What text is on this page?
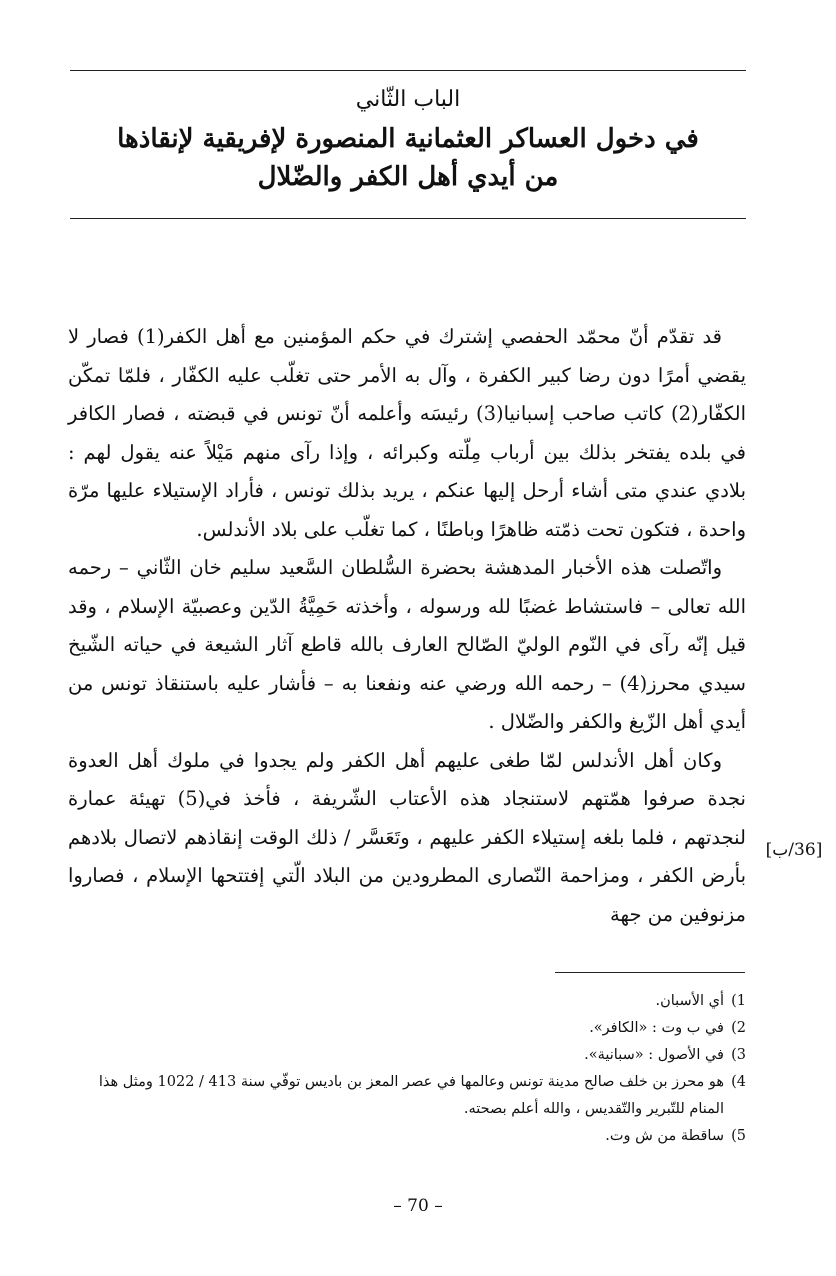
الباب الثّاني
في دخول العساكر العثمانية المنصورة لإفريقية لإنقاذها
من أيدي أهل الكفر والضّلال

قد تقدّم أنّ محمّد الحفصي إشترك في حكم المؤمنين مع أهل الكفر(1) فصار لا يقضي أمرًا دون رضا كبير الكفرة ، وآل به الأمر حتى تغلّب عليه الكفّار ، فلمّا تمكّن الكفّار(2) كاتب صاحب إسبانيا(3) رئيسَه وأعلمه أنّ تونس في قبضته ، فصار الكافر في بلده يفتخر بذلك بين أرباب مِلّته وكبرائه ، وإذا رآى منهم مَيْلاً عنه يقول لهم : بلادي عندي متى أشاء أرحل إليها عنكم ، يريد بذلك تونس ، فأراد الإستيلاء عليها مرّة واحدة ، فتكون تحت ذمّته ظاهرًا وباطنًا ، كما تغلّب على بلاد الأندلس.

واتّصلت هذه الأخبار المدهشة بحضرة السُّلطان السَّعيد سليم خان الثّاني – رحمه الله تعالى – فاستشاط غضبًا لله ورسوله ، وأخذته حَمِيَّةُ الدّين وعصبيّة الإسلام ، وقد قيل إنّه رآى في النّوم الوليّ الصّالح العارف بالله قاطع آثار الشيعة في حياته الشّيخ سيدي محرز(4) – رحمه الله ورضي عنه ونفعنا به – فأشار عليه باستنقاذ تونس من أيدي أهل الزّيغ والكفر والضّلال .

وكان أهل الأندلس لمّا طغى عليهم أهل الكفر ولم يجدوا في ملوك أهل العدوة نجدة صرفوا همّتهم لاستنجاد هذه الأعتاب الشّريفة ، فأخذ في(5) تهيئة عمارة لنجدتهم ، فلما بلغه إستيلاء الكفر عليهم ، وتَعَسَّر / ذلك الوقت إنقاذهم لاتصال بلادهم بأرض الكفر ، ومزاحمة النّصارى المطرودين من البلاد الّتي إفتتحها الإسلام ، فصاروا مزنوفين من جهة

[36/ب]
1)
أي الأسبان.
2)
في ب وت : «الكافر».
3)
في الأصول : «سبانية».
4)
هو محرز بن خلف صالح مدينة تونس وعالمها في عصر المعز بن باديس توفّي سنة 413 / 1022 ومثل هذا المنام للتّبرير والتّقديس ، والله أعلم بصحته.
5)
ساقطة من ش وت.
– 70 –
